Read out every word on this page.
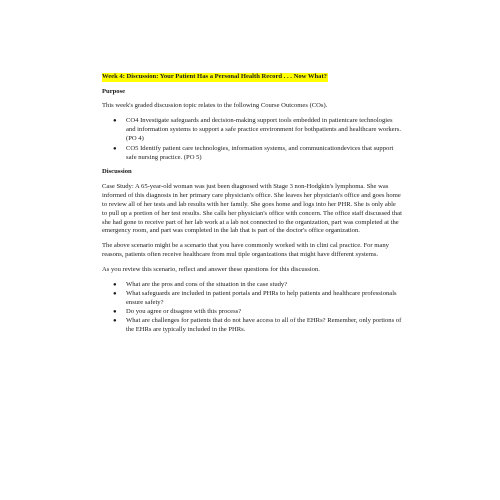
Week 4: Discussion: Your Patient Has a Personal Health Record . . . Now What?
Purpose

This week's graded discussion topic relates to the following Course Outcomes (COs).

● CO4 Investigate safeguards and decision-making support tools embedded in patientcare technologies and information systems to support a safe practice environment for bothpatients and healthcare workers. (PO 4)
● CO5 Identify patient care technologies, information systems, and communicationdevices that support safe nursing practice. (PO 5)
Discussion

Case Study: A 65-year-old woman was just been diagnosed with Stage 3 non-Hodgkin's lymphoma. She was informed of this diagnosis in her primary care physician's office. She leaves her physician's office and goes home to review all of her tests and lab results with her family. She goes home and logs into her PHR. She is only able to pull up a portion of her test results. She calls her physician's office with concern. The office staff discussed that she had gone to receive part of her lab work at a lab not connected to the organization, part was completed at the emergency room, and part was completed in the lab that is part of the doctor's office organization.

The above scenario might be a scenario that you have commonly worked with in clini cal practice. For many reasons, patients often receive healthcare from mul tiple organizations that might have different systems.

As you review this scenario, reflect and answer these questions for this discussion.

● What are the pros and cons of the situation in the case study?
● What safeguards are included in patient portals and PHRs to help patients and healthcare professionals ensure safety?
● Do you agree or disagree with this process?
● What are challenges for patients that do not have access to all of the EHRs? Remember, only portions of the EHRs are typically included in the PHRs.
